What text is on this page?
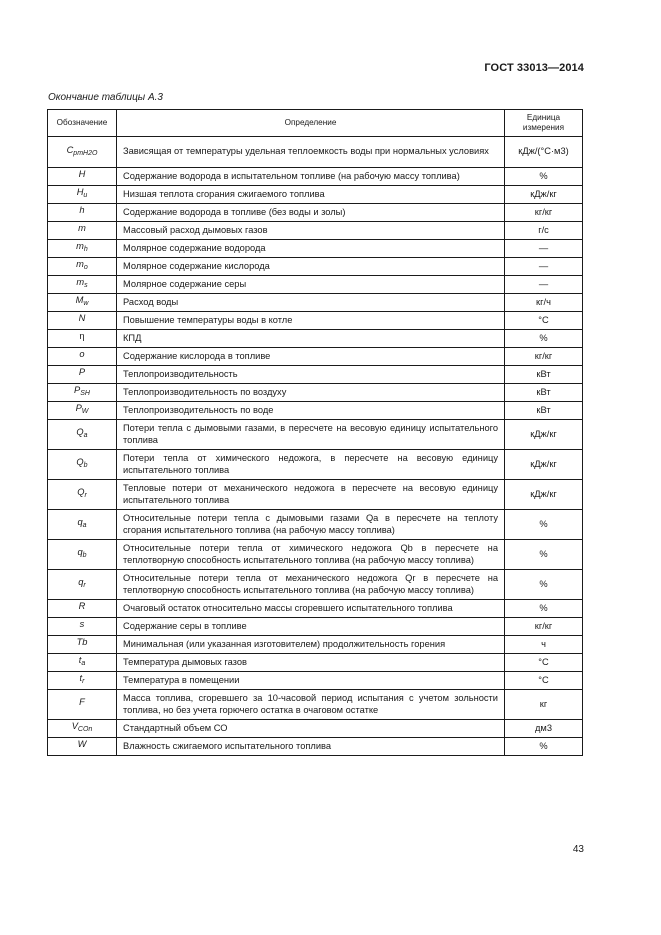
ГОСТ 33013—2014
Окончание таблицы А.3
Обозначение	Определение	Единица измерения
$C_{pmH2O}$	Зависящая от температуры удельная теплоемкость воды при нормальных условиях	кДж/(°С·м3)
H	Содержание водорода в испытательном топливе (на рабочую массу топлива)	%
$H_u$	Низшая теплота сгорания сжигаемого топлива	кДж/кг
h	Содержание водорода в топливе (без воды и золы)	кг/кг
m	Массовый расход дымовых газов	г/с
$m_h$	Молярное содержание водорода	—
$m_o$	Молярное содержание кислорода	—
$m_s$	Молярное содержание серы	—
$M_w$	Расход воды	кг/ч
N	Повышение температуры воды в котле	°С
η	КПД	%
o	Содержание кислорода в топливе	кг/кг
P	Теплопроизводительность	кВт
$P_{SH}$	Теплопроизводительность по воздуху	кВт
$P_W$	Теплопроизводительность по воде	кВт
$Q_a$	Потери тепла с дымовыми газами, в пересчете на весовую единицу испытательного топлива	кДж/кг
$Q_b$	Потери тепла от химического недожога, в пересчете на весовую единицу испытательного топлива	кДж/кг
$Q_r$	Тепловые потери от механического недожога в пересчете на весовую единицу испытательного топлива	кДж/кг
$q_a$	Относительные потери тепла с дымовыми газами Qa в пересчете на теплоту сгорания испытательного топлива (на рабочую массу топлива)	%
$q_b$	Относительные потери тепла от химического недожога Qb в пересчете на теплотворную способность испытательного топлива (на рабочую массу топлива)	%
$q_r$	Относительные потери тепла от механического недожога Qr в пересчете на теплотворную способность испытательного топлива (на рабочую массу топлива)	%
R	Очаговый остаток относительно массы сгоревшего испытательного топлива	%
s	Содержание серы в топливе	кг/кг
Tb	Минимальная (или указанная изготовителем) продолжительность горения	ч
$t_a$	Температура дымовых газов	°С
$t_r$	Температура в помещении	°С
F	Масса топлива, сгоревшего за 10-часовой период испытания с учетом зольности топлива, но без учета горючего остатка в очаговом остатке	кг
$V_{COn}$	Стандартный объем СО	дм3
W	Влажность сжигаемого испытательного топлива	%
43
